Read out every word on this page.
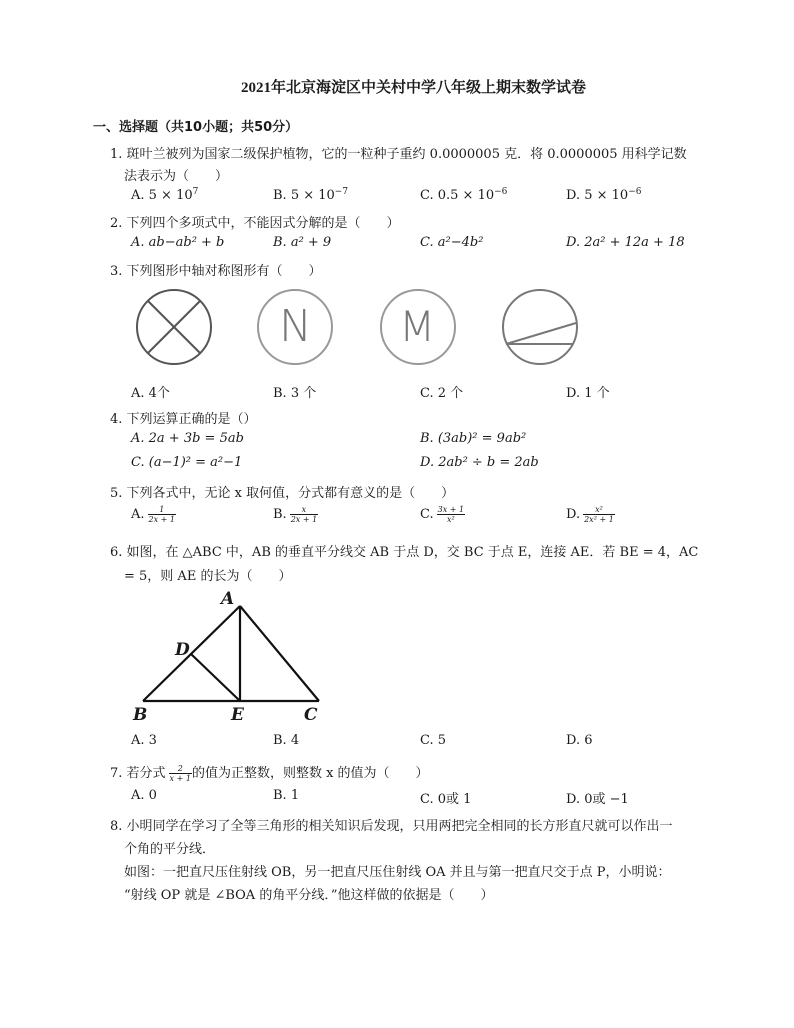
2021年北京海淀区中关村中学八年级上期末数学试卷
一、选择题（共10小题；共50分）
1. 斑叶兰被列为国家二级保护植物，它的一粒种子重约 0.0000005 克．将 0.0000005 用科学记数
法表示为（　　）
A. $5 \times 10^7$	B. $5 \times 10^{-7}$	C. $0.5 \times 10^{-6}$	D. $5 \times 10^{-6}$
2. 下列四个多项式中，不能因式分解的是（　　）
A. ab−ab² + b	B. a² + 9	C. a²−4b²	D. 2a² + 12a + 18
3. 下列图形中轴对称图形有（　　）
N M
A. 4个	B. 3 个	C. 2 个	D. 1 个
4. 下列运算正确的是（）
A. 2a + 3b = 5ab	B. (3ab)² = 9ab²
C. (a−1)² = a²−1	D. 2ab² ÷ b = 2ab
5. 下列各式中，无论 x 取何值，分式都有意义的是（　　）
A. $\frac{1}{2x + 1}$	B. $\frac{x}{2x + 1}$	C. $\frac{3x + 1}{\text{x²}}$	D. $\frac{\text{x²}}{\text{2x² + 1}}$
6. 如图，在 △ABC 中，AB 的垂直平分线交 AB 于点 D，交 BC 于点 E，连接 AE．若 BE = 4，AC
= 5，则 AE 的长为（　　）
A
D
B	E	C
A. 3	B. 4	C. 5	D. 6
7. 若分式 $\frac{2}{x + 1}$ 的值为正整数，则整数 x 的值为（　　）
A. 0	B. 1	C. 0或 1	D. 0或 −1
8. 小明同学在学习了全等三角形的相关知识后发现，只用两把完全相同的长方形直尺就可以作出一
个角的平分线．
如图：一把直尺压住射线 OB，另一把直尺压住射线 OA 并且与第一把直尺交于点 P，小明说：
“射线 OP 就是 ∠BOA 的角平分线．”他这样做的依据是（　　）
